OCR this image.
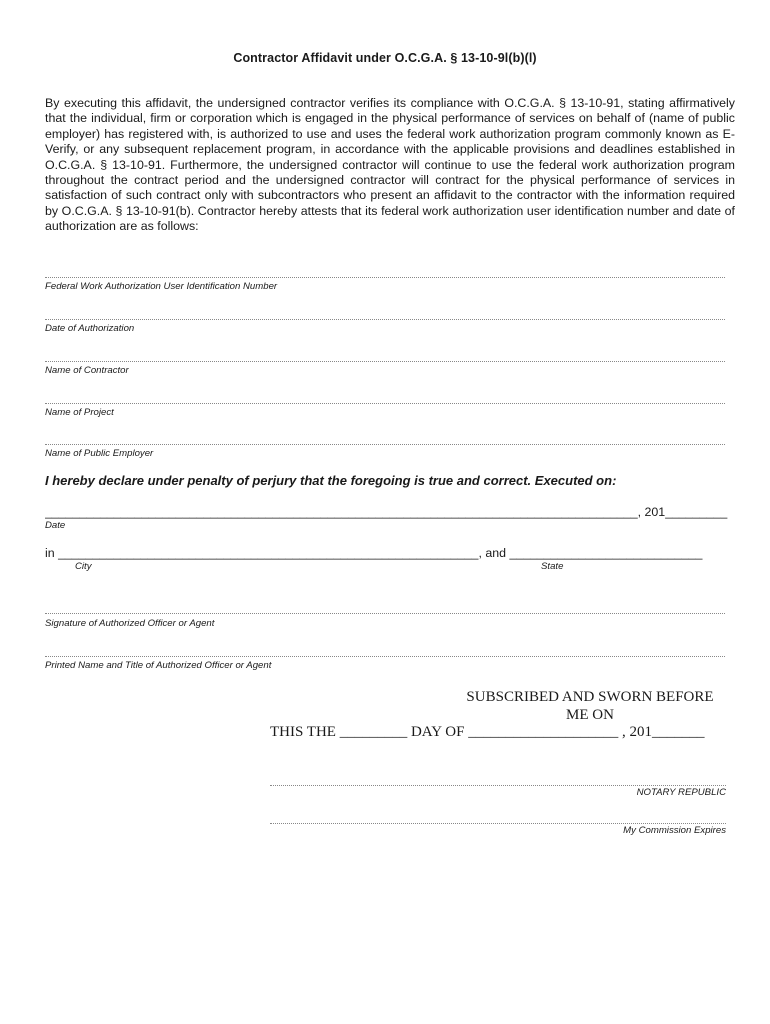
Contractor Affidavit under O.C.G.A. § 13-10-9l(b)(l)
By executing this affidavit, the undersigned contractor verifies its compliance with O.C.G.A. § 13-10-91, stating affirmatively that the individual, firm or corporation which is engaged in the physical performance of services on behalf of (name of public employer) has registered with, is authorized to use and uses the federal work authorization program commonly known as E-Verify, or any subsequent replacement program, in accordance with the applicable provisions and deadlines established in O.C.G.A. § 13-10-91. Furthermore, the undersigned contractor will continue to use the federal work authorization program throughout the contract period and the undersigned contractor will contract for the physical performance of services in satisfaction of such contract only with subcontractors who present an affidavit to the contractor with the information required by O.C.G.A. § 13-10-91(b). Contractor hereby attests that its federal work authorization user identification number and date of authorization are as follows:
Federal Work Authorization User Identification Number
Date of Authorization
Name of Contractor
Name of Project
Name of Public Employer
I hereby declare under penalty of perjury that the foregoing is true and correct. Executed on:
______________________________________________________________________________________, 201_________
Date
in _____________________________________________________________, and ____________________________
City	State
Signature of Authorized Officer or Agent
Printed Name and Title of Authorized Officer or Agent
SUBSCRIBED AND SWORN BEFORE
ME ON
THIS THE _________ DAY OF ____________________ , 201_______
NOTARY REPUBLIC
My Commission Expires
